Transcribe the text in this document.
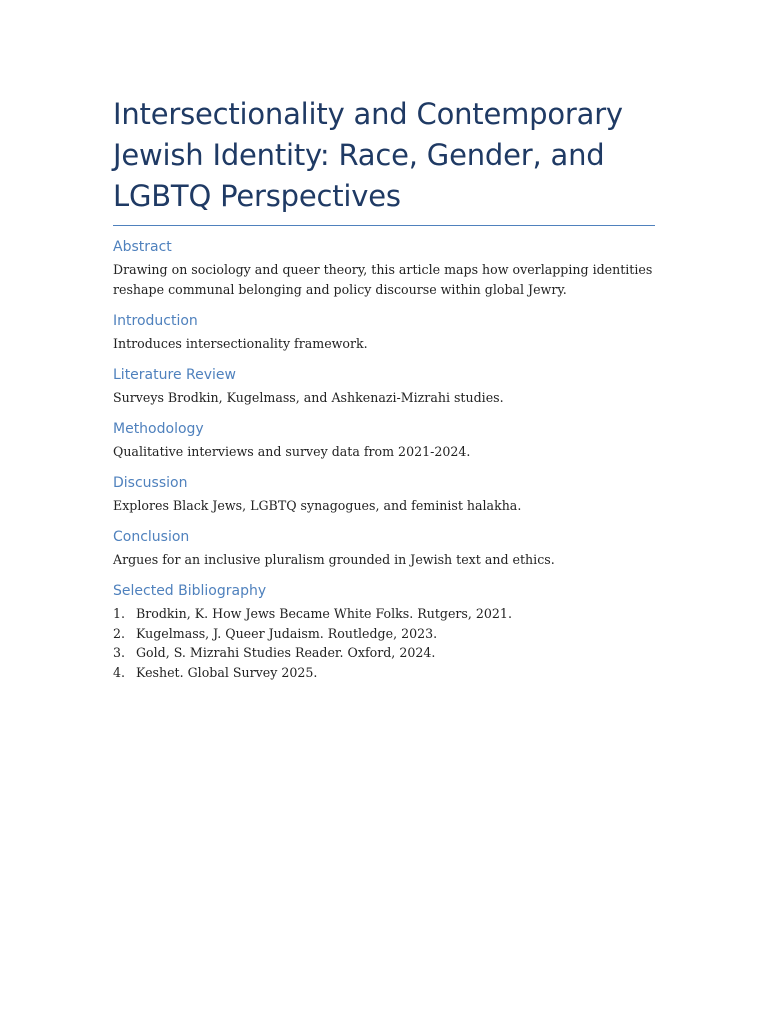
Intersectionality and Contemporary Jewish Identity: Race, Gender, and LGBTQ Perspectives
Abstract

Drawing on sociology and queer theory, this article maps how overlapping identities reshape communal belonging and policy discourse within global Jewry.

Introduction

Introduces intersectionality framework.

Literature Review

Surveys Brodkin, Kugelmass, and Ashkenazi-Mizrahi studies.

Methodology

Qualitative interviews and survey data from 2021-2024.

Discussion

Explores Black Jews, LGBTQ synagogues, and feminist halakha.

Conclusion

Argues for an inclusive pluralism grounded in Jewish text and ethics.

Selected Bibliography
1. Brodkin, K. How Jews Became White Folks. Rutgers, 2021.
2. Kugelmass, J. Queer Judaism. Routledge, 2023.
3. Gold, S. Mizrahi Studies Reader. Oxford, 2024.
4. Keshet. Global Survey 2025.
